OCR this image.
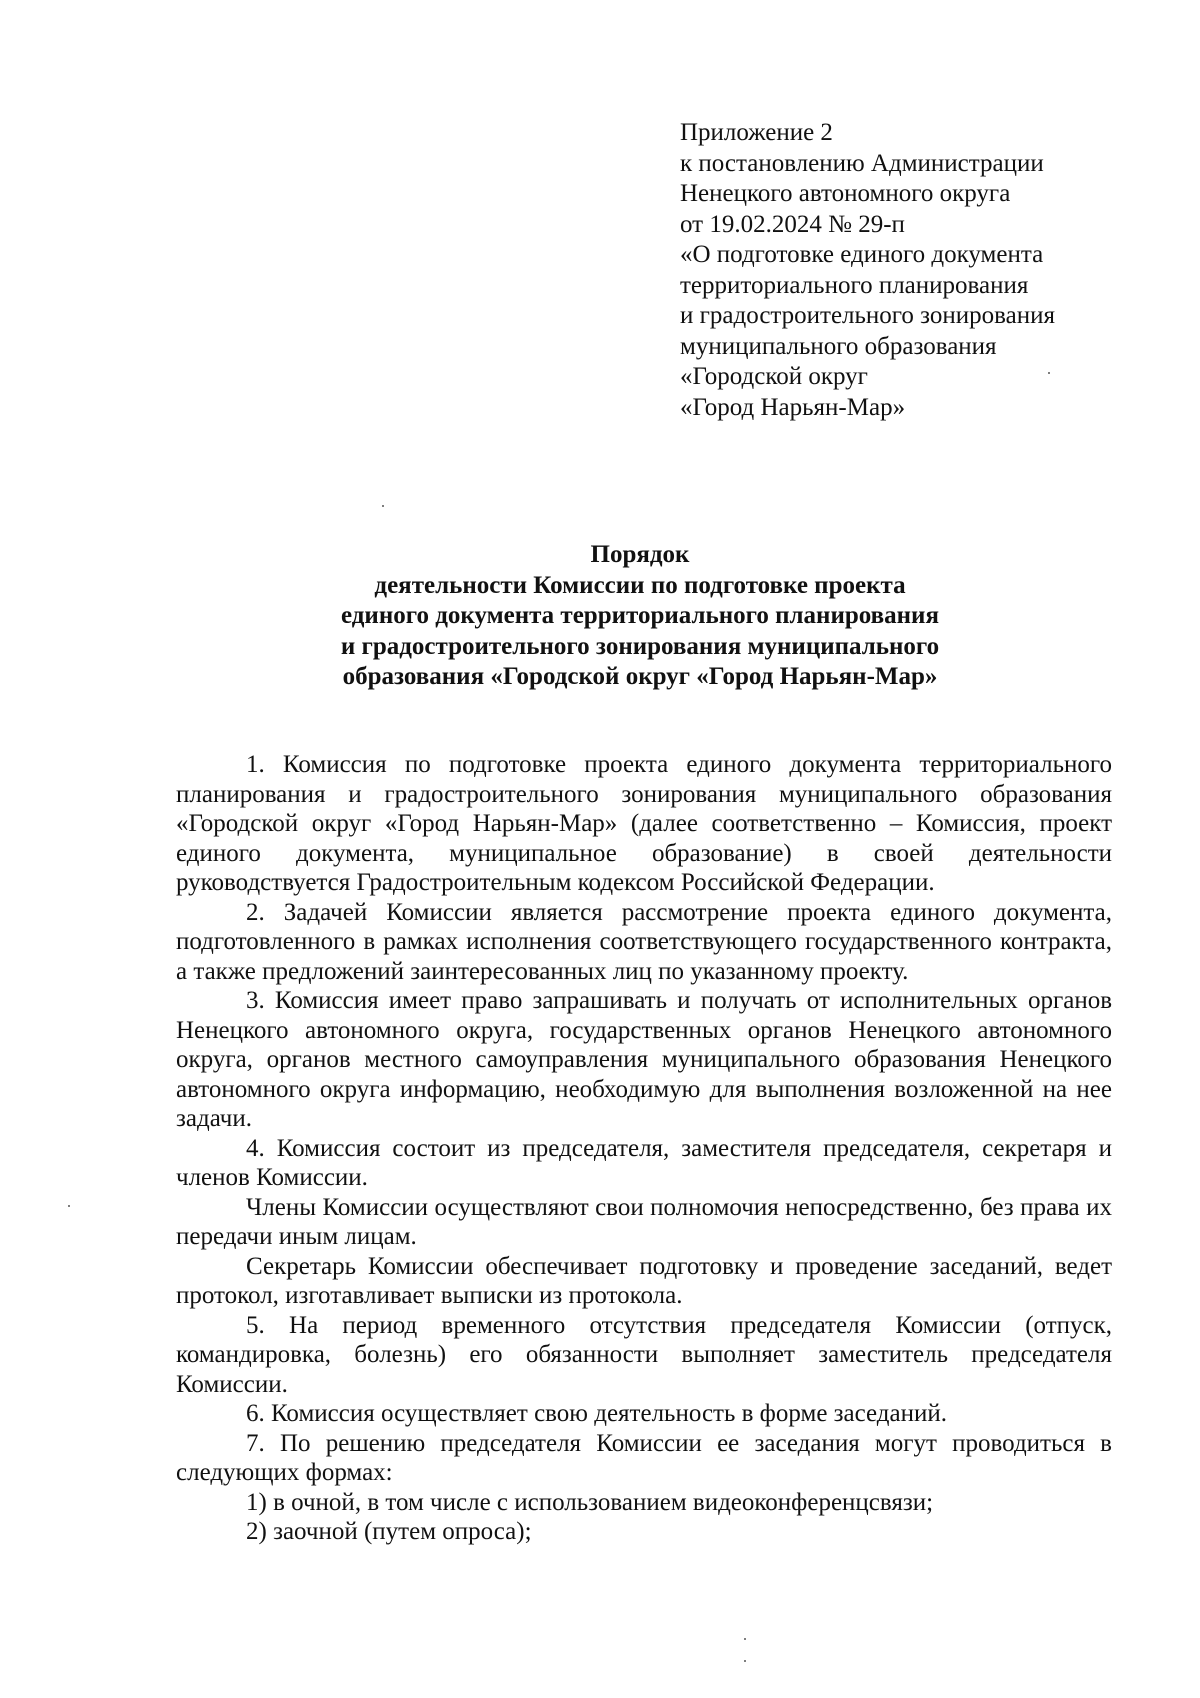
Приложение 2
к постановлению Администрации
Ненецкого автономного округа
от 19.02.2024 № 29-п
«О подготовке единого документа
территориального планирования
и градостроительного зонирования
муниципального образования
«Городской округ
«Город Нарьян-Мар»
Порядок
деятельности Комиссии по подготовке проекта
единого документа территориального планирования
и градостроительного зонирования муниципального
образования «Городской округ «Город Нарьян-Мар»

1. Комиссия по подготовке проекта единого документа территориального планирования и градостроительного зонирования муниципального образования «Городской округ «Город Нарьян-Мар» (далее соответственно – Комиссия, проект единого документа, муниципальное образование) в своей деятельности руководствуется Градостроительным кодексом Российской Федерации.

2. Задачей Комиссии является рассмотрение проекта единого документа, подготовленного в рамках исполнения соответствующего государственного контракта, а также предложений заинтересованных лиц по указанному проекту.

3. Комиссия имеет право запрашивать и получать от исполнительных органов Ненецкого автономного округа, государственных органов Ненецкого автономного округа, органов местного самоуправления муниципального образования Ненецкого автономного округа информацию, необходимую для выполнения возложенной на нее задачи.

4. Комиссия состоит из председателя, заместителя председателя, секретаря и членов Комиссии.

Члены Комиссии осуществляют свои полномочия непосредственно, без права их передачи иным лицам.

Секретарь Комиссии обеспечивает подготовку и проведение заседаний, ведет протокол, изготавливает выписки из протокола.

5. На период временного отсутствия председателя Комиссии (отпуск, командировка, болезнь) его обязанности выполняет заместитель председателя Комиссии.

6. Комиссия осуществляет свою деятельность в форме заседаний.

7. По решению председателя Комиссии ее заседания могут проводиться в следующих формах:

1) в очной, в том числе с использованием видеоконференцсвязи;

2) заочной (путем опроса);
